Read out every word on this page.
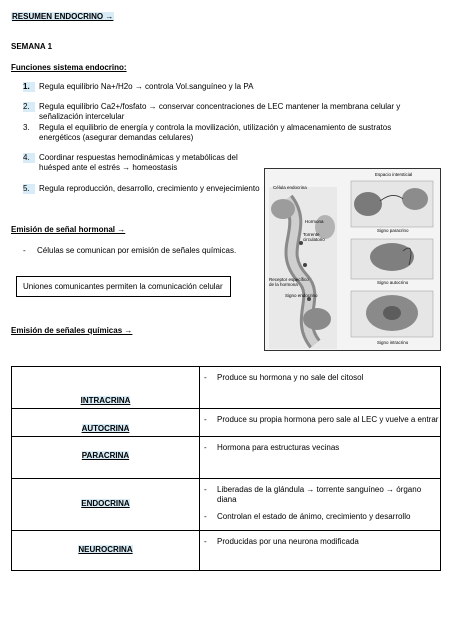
RESUMEN ENDOCRINO →
SEMANA 1
Funciones sistema endocrino:
1.	Regula equilibrio Na+/H2o → controla Vol.sanguíneo y la PA
2.	Regula equilibrio Ca2+/fosfato → conservar concentraciones de LEC mantener la membrana celular y señalización intercelular
3.	Regula el equilibrio de energía y controla la movilización, utilización y almacenamiento de sustratos energéticos (asegurar demandas celulares)
4.	Coordinar respuestas hemodinámicas y metabólicas del huésped ante el estrés → homeostasis
5.	Regula reproducción, desarrollo, crecimiento y envejecimiento
Emisión de señal hormonal →
- Células se comunican por emisión de señales químicas.
Uniones comunicantes permiten la comunicación celular
Emisión de señales químicas →
Célula endocrina
Hormona
Torrente circulatorio
Receptor específico de la hormona
Signo endocrino
Espacio intersticial
Signo paracrino
Signo autocrino
Signo intracrino
INTRACRINA	- Produce su hormona y no sale del citosol

AUTOCRINA	- Produce su propia hormona pero sale al LEC y vuelve a entrar

PARACRINA	- Hormona para estructuras vecinas

ENDOCRINA	- Liberadas de la glándula → torrente sanguíneo → órgano diana
- Controlan el estado de ánimo, crecimiento y desarrollo

NEUROCRINA	- Producidas por una neurona modificada
